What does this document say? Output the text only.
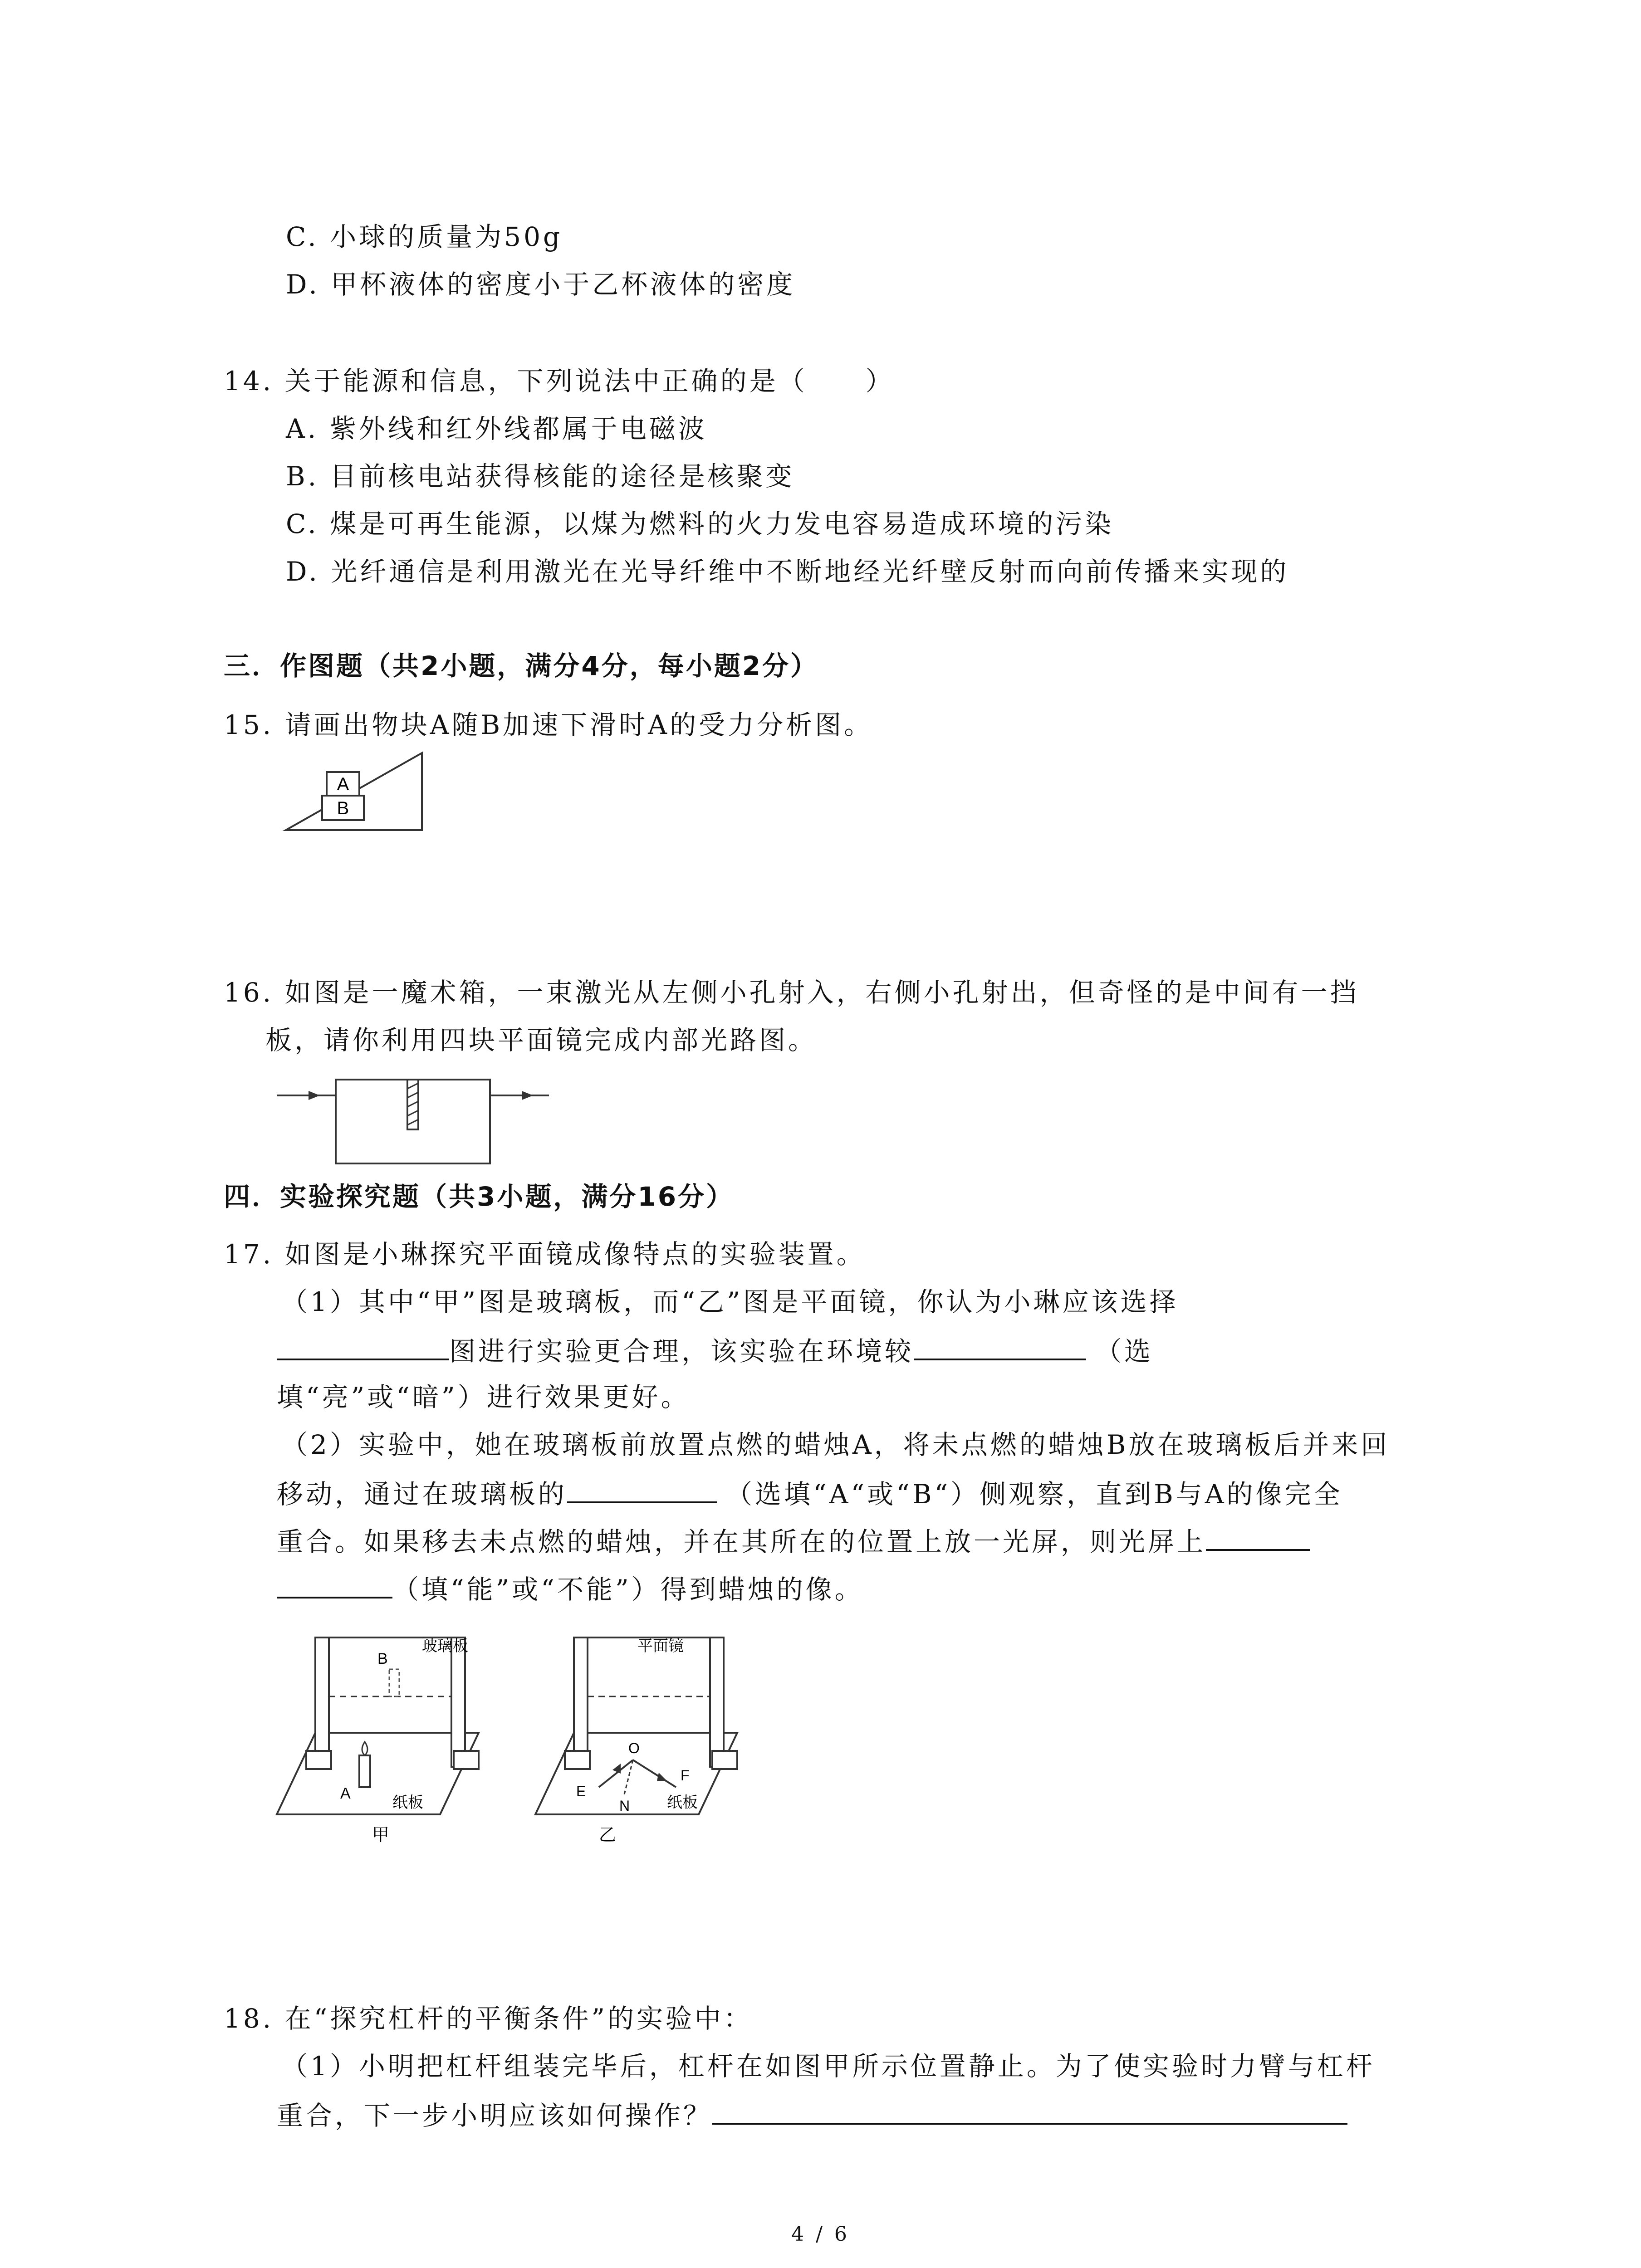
C. 小球的质量为50g
D. 甲杯液体的密度小于乙杯液体的密度
14. 关于能源和信息，下列说法中正确的是（　　）
A. 紫外线和红外线都属于电磁波
B. 目前核电站获得核能的途径是核聚变
C. 煤是可再生能源，以煤为燃料的火力发电容易造成环境的污染
D. 光纤通信是利用激光在光导纤维中不断地经光纤壁反射而向前传播来实现的
三．作图题（共2小题，满分4分，每小题2分）
15. 请画出物块A随B加速下滑时A的受力分析图。
A
B
16. 如图是一魔术箱，一束激光从左侧小孔射入，右侧小孔射出，但奇怪的是中间有一挡
板，请你利用四块平面镜完成内部光路图。
四．实验探究题（共3小题，满分16分）
17. 如图是小琳探究平面镜成像特点的实验装置。
（1）其中“甲”图是玻璃板，而“乙”图是平面镜，你认为小琳应该选择
图进行实验更合理，该实验在环境较	（选
填“亮”或“暗”）进行效果更好。
（2）实验中，她在玻璃板前放置点燃的蜡烛A，将未点燃的蜡烛B放在玻璃板后并来回
移动，通过在玻璃板的	（选填“A“或“B“）侧观察，直到B与A的像完全
重合。如果移去未点燃的蜡烛，并在其所在的位置上放一光屏，则光屏上
（填“能”或“不能”）得到蜡烛的像。
B
玻璃板
A
纸板
甲
平面镜
O
E
N
F
纸板
乙
18. 在“探究杠杆的平衡条件”的实验中：
（1）小明把杠杆组装完毕后，杠杆在如图甲所示位置静止。为了使实验时力臂与杠杆
重合，下一步小明应该如何操作？
4 / 6
